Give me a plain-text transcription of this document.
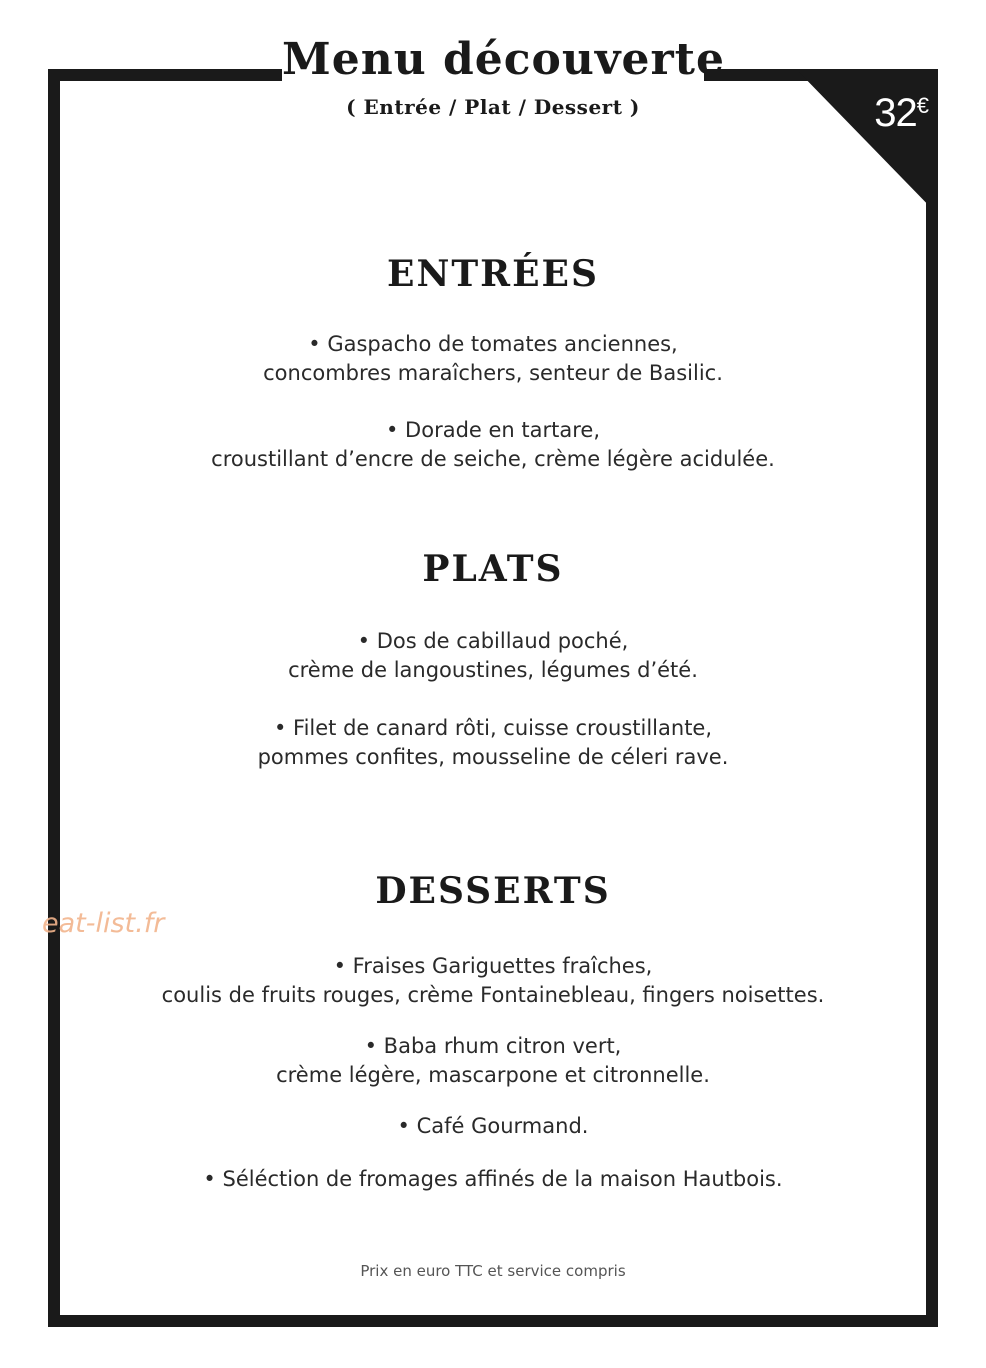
Menu découverte
( Entrée / Plat / Dessert )	32€
ENTRÉES
• Gaspacho de tomates anciennes,
concombres maraîchers, senteur de Basilic.
• Dorade en tartare,
croustillant d’encre de seiche, crème légère acidulée.
PLATS
• Dos de cabillaud poché,
crème de langoustines, légumes d’été.
• Filet de canard rôti, cuisse croustillante,
pommes confites, mousseline de céleri rave.
DESSERTS
• Fraises Gariguettes fraîches,
coulis de fruits rouges, crème Fontainebleau, fingers noisettes.
• Baba rhum citron vert,
crème légère, mascarpone et citronnelle.
• Café Gourmand.
• Séléction de fromages affinés de la maison Hautbois.
Prix en euro TTC et service compris
eat-list.fr
